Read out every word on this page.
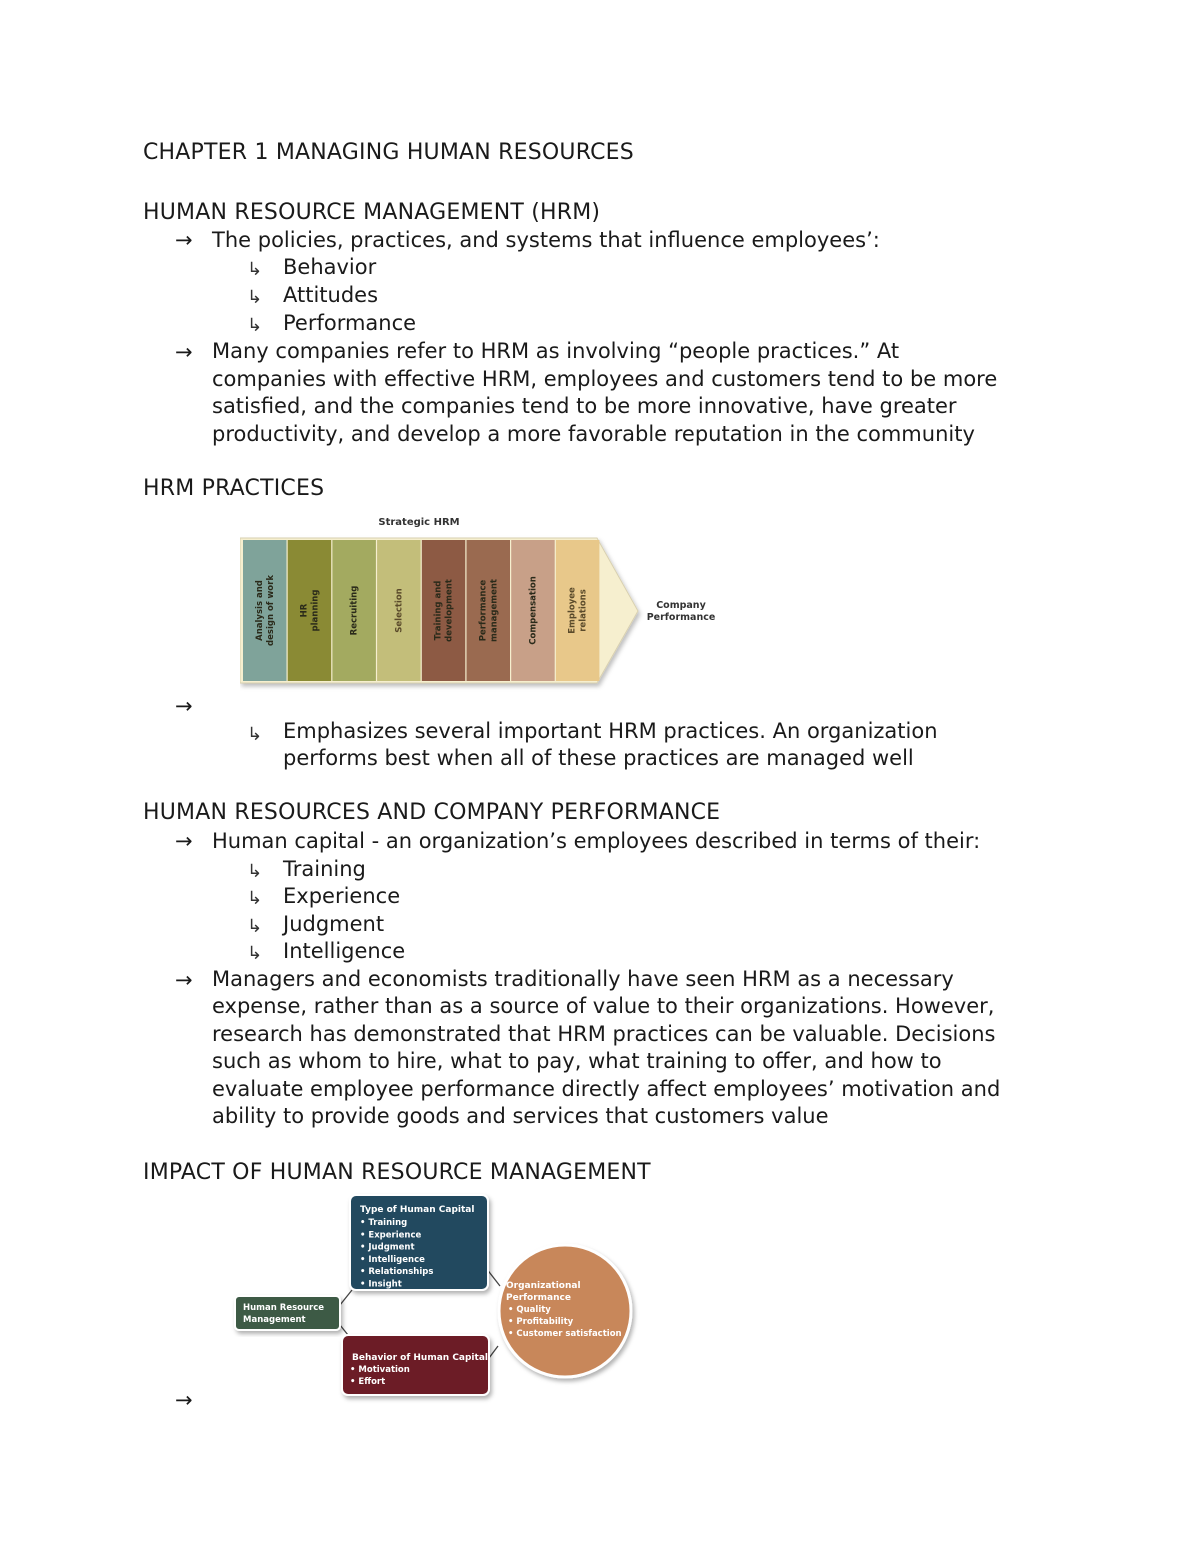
CHAPTER 1 MANAGING HUMAN RESOURCES
HUMAN RESOURCE MANAGEMENT (HRM)
→ The policies, practices, and systems that influence employees’:
↳ Behavior
↳ Attitudes
↳ Performance
→ Many companies refer to HRM as involving “people practices.” At
companies with effective HRM, employees and customers tend to be more
satisfied, and the companies tend to be more innovative, have greater
productivity, and develop a more favorable reputation in the community
HRM PRACTICES
Strategic HRM
Analysis and design of work	HR planning	Recruiting	Selection	Training and development	Performance management	Compensation	Employee relations	Company
Performance
→
↳ Emphasizes several important HRM practices. An organization
performs best when all of these practices are managed well
HUMAN RESOURCES AND COMPANY PERFORMANCE
→ Human capital - an organization’s employees described in terms of their:
↳ Training
↳ Experience
↳ Judgment
↳ Intelligence
→ Managers and economists traditionally have seen HRM as a necessary
expense, rather than as a source of value to their organizations. However,
research has demonstrated that HRM practices can be valuable. Decisions
such as whom to hire, what to pay, what training to offer, and how to
evaluate employee performance directly affect employees’ motivation and
ability to provide goods and services that customers value
IMPACT OF HUMAN RESOURCE MANAGEMENT
Organizational
Performance
• Quality
• Profitability
• Customer satisfaction
Type of Human Capital
• Training
• Experience
• Judgment
• Intelligence
• Relationships
• Insight
Human Resource
Management
Behavior of Human Capital
• Motivation
• Effort
→
